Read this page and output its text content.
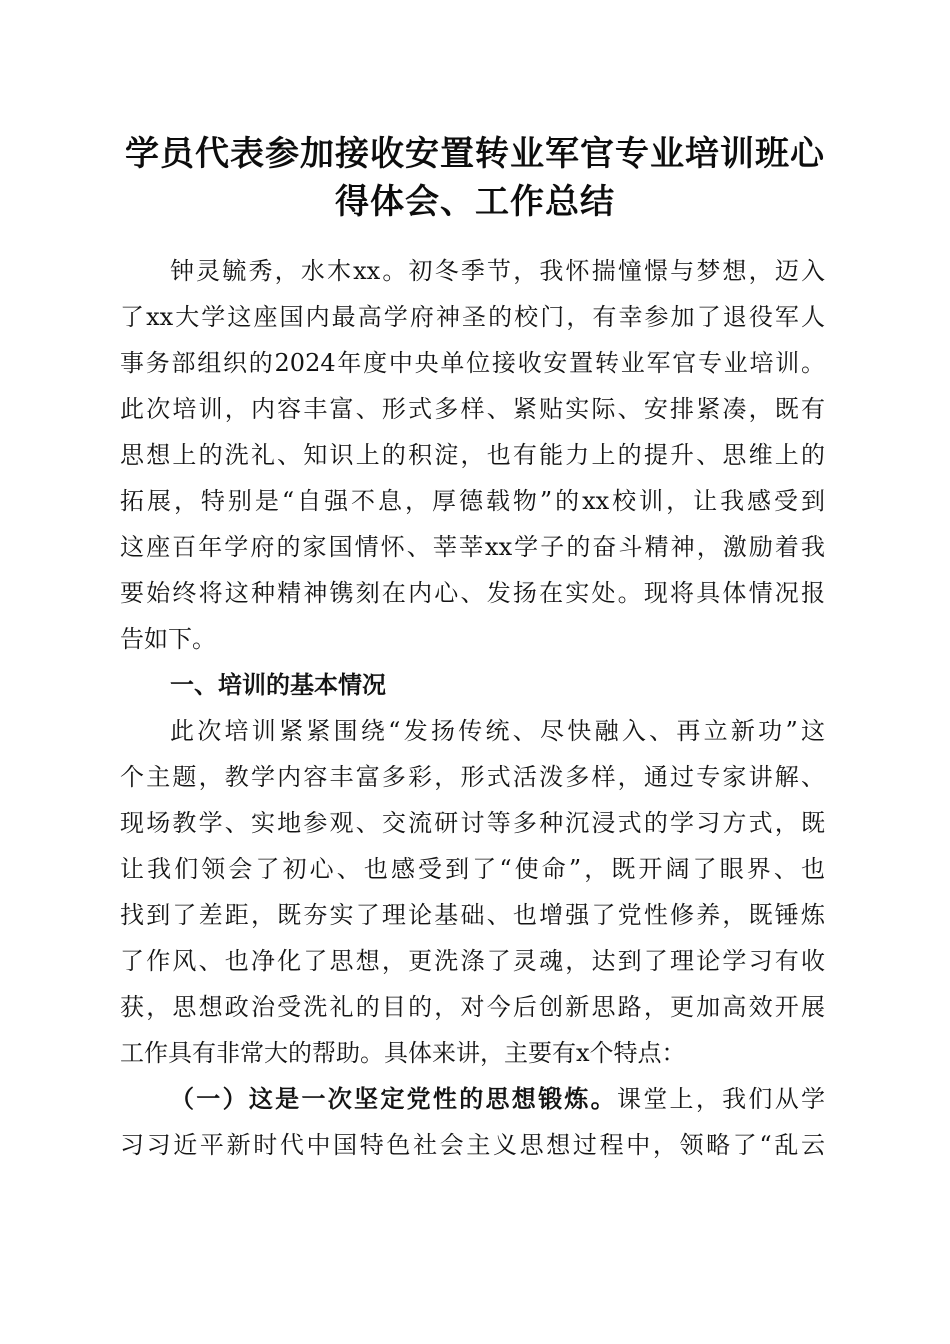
学员代表参加接收安置转业军官专业培训班心
得体会、工作总结
钟灵毓秀，水木xx。初冬季节，我怀揣憧憬与梦想，迈入
了xx大学这座国内最高学府神圣的校门，有幸参加了退役军人
事务部组织的2024年度中央单位接收安置转业军官专业培训。
此次培训，内容丰富、形式多样、紧贴实际、安排紧凑，既有
思想上的洗礼、知识上的积淀，也有能力上的提升、思维上的
拓展，特别是“自强不息，厚德载物”的xx校训，让我感受到
这座百年学府的家国情怀、莘莘xx学子的奋斗精神，激励着我
要始终将这种精神镌刻在内心、发扬在实处。现将具体情况报
告如下。
一、培训的基本情况
此次培训紧紧围绕“发扬传统、尽快融入、再立新功”这
个主题，教学内容丰富多彩，形式活泼多样，通过专家讲解、
现场教学、实地参观、交流研讨等多种沉浸式的学习方式，既
让我们领会了初心、也感受到了“使命”，既开阔了眼界、也
找到了差距，既夯实了理论基础、也增强了党性修养，既锤炼
了作风、也净化了思想，更洗涤了灵魂，达到了理论学习有收
获，思想政治受洗礼的目的，对今后创新思路，更加高效开展
工作具有非常大的帮助。具体来讲，主要有x个特点：
（一）这是一次坚定党性的思想锻炼。课堂上，我们从学
习习近平新时代中国特色社会主义思想过程中，领略了“乱云
